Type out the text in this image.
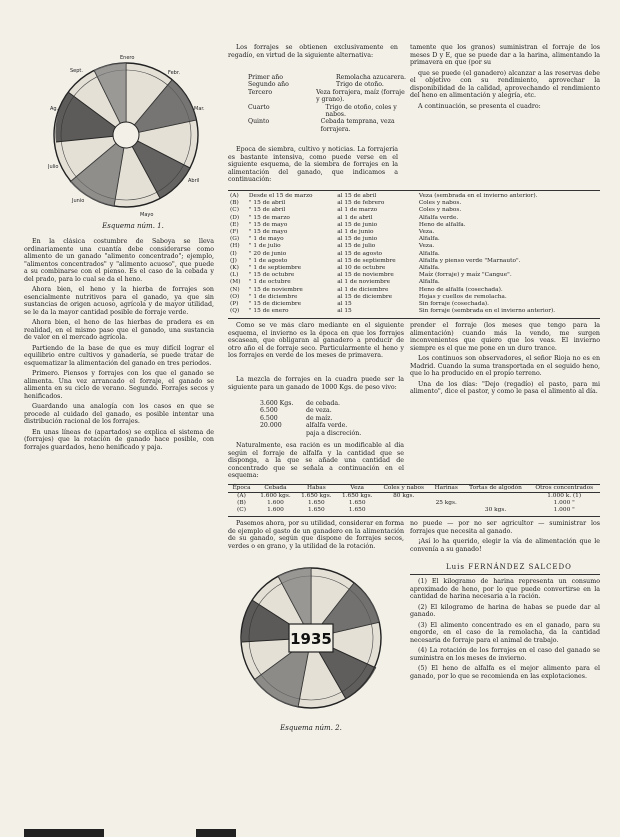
Enero
Febr.
Mar.
Abril
Mayo
Junio
Julio
Ag.
Sept.
Esquema núm. 1.

En la clásica costumbre de Saboya se lleva ordinariamente una cuantía debe considerarse como alimento de un ganado "alimento concentrado"; ejemplo, "alimentos concentrados" y "alimento acuoso", que puede a su combinarse con el pienso. Es el caso de la cebada y del prado, para lo cual se da el heno.

Ahora bien, el heno y la hierba de forrajes son esencialmente nutritivos para el ganado, ya que sin sustancias de origen acuoso, agrícola y de mayor utilidad, se le da la mayor cantidad posible de forraje verde.

Ahora bien, el heno de las hierbas de pradera es en realidad, en el mismo paso que el ganado, una sustancia de valor en el mercado agrícola.

Partiendo de la base de que es muy difícil lograr el equilibrio entre cultivos y ganadería, se puede tratar de esquematizar la alimentación del ganado en tres periodos.

Primero. Piensos y forrajes con los que el ganado se alimenta. Una vez arrancado el forraje, el ganado se alimenta en su ciclo de verano. Segundo. Forrajes secos y henificados.

Guardando una analogía con los casos en que se procede al cuidado del ganado, es posible intentar una distribución racional de los forrajes.

En unas líneas de (apartados) se explica el sistema de (forrajes) que la rotación de ganado hace posible, con forrajes guardados, heno henificado y paja.

Los forrajes se obtienen exclusivamente en regadío, en virtud de la siguiente alternativa:

Primer año	Remolacha azucarera.
Segundo año	Trigo de otoño.
Tercero	Veza forrajera, maíz (forraje y grano).
Cuarto	Trigo de otoño, coles y nabos.
Quinto	Cebada temprana, veza forrajera.

Época de siembra, cultivo y noticias. La forrajería es bastante intensiva, como puede verse en el siguiente esquema, de la siembra de forrajes en la alimentación del ganado, que indicamos a continuación:

tamente que los granos) suministran el forraje de los meses D y E, que se puede dar a la harina, alimentando la primavera en que (por su

que se puede (el ganadero) alcanzar a las reservas debe el objetivo con su rendimiento, aprovechar la disponibilidad de la calidad, aprovechando el rendimiento del heno en alimentación y alegría, etc.

A continuación, se presenta el cuadro:

(A)	Desde el 15 de marzo	al 15 de abril	Veza (sembrada en el invierno anterior).
(B)	" 15 de abril	al 15 de febrero	Coles y nabos.
(C)	" 15 de abril	al 1 de marzo	Coles y nabos.
(D)	" 15 de marzo	al 1 de abril	Alfalfa verde.
(E)	" 15 de mayo	al 15 de junio	Heno de alfalfa.
(F)	" 15 de mayo	al 1 de junio	Veza.
(G)	" 1 de mayo	al 15 de junio	Alfalfa.
(H)	" 1 de julio	al 15 de julio	Veza.
(I)	" 20 de junio	al 15 de agosto	Alfalfa.
(J)	" 1 de agosto	al 15 de septiembre	Alfalfa y pienso verde "Marnauto".
(K)	" 1 de septiembre	al 10 de octubre	Alfalfa.
(L)	" 15 de octubre	al 15 de noviembre	Maíz (forraje) y maíz "Cangue".
(M)	" 1 de octubre	al 1 de noviembre	Alfalfa.
(N)	" 15 de noviembre	al 1 de diciembre	Heno de alfalfa (cosechada).
(O)	" 1 de diciembre	al 15 de diciembre	Hojas y cuellos de remolacha.
(P)	" 15 de diciembre	al 15	Sin forraje (cosechada).
(Q)	" 15 de enero	al 15	Sin forraje (sembrada en el invierno anterior).

Como se ve más claro mediante en el siguiente esquema, el invierno es la época en que los forrajes escasean, que obligaran al ganadero a producir de otro año el de forraje seco. Particularmente el heno y los forrajes en verde de los meses de primavera.

La mezcla de forrajes en la cuadra puede ser la siguiente para un ganado de 1000 Kgs. de peso vivo:

3.600 Kgs.	de cebada.
6.500	de veza.
6.500	de maíz.
20.000	alfalfa verde.
paja a discreción.

Naturalmente, esa ración es un modificable al día según el forraje de alfalfa y la cantidad que se disponga, a la que se añade una cantidad de concentrado que se señala a continuación en el esquema:

prender el forraje (los meses que tengo para la alimentación) cuando más la vendo, me surgen inconvenientes que quiero que los veas. El invierno siempre es el que me pone en un duro trance.

Los continuos son observadores, el señor Rioja no es en Madrid. Cuando la suma transportada en el seguido heno, que lo ha producido en el propio terreno.

Una de los días: "Dejo (regadío) el pasto, para mi alimento", dice el pastor, y como le pasa el alimento al día.

Época	Cebada	Habas	Veza	Coles y nabos	Harinas	Tortas de algodón	Otros concentrados
(A)	1.600 kgs.	1.650 kgs.	1.650 kgs.	80 kgs.			1.000 k. (1)
(B)	1.600	1.650	1.650		25 kgs.		1.000 "
(C)	1.600	1.650	1.650			30 kgs.	1.000 "

Pasemos ahora, por su utilidad, considerar en forma de ejemplo el gasto de un ganadero en la alimentación de su ganado, según que dispone de forrajes secos, verdes o en grano, y la utilidad de la rotación.

1935
Esquema núm. 2.

no puede — por no ser agricultor — suministrar los forrajes que necesita al ganado.

¡Así lo ha querido, elegir la vía de alimentación que le convenía a su ganado!

Luis FERNÁNDEZ SALCEDO

(1) El kilogramo de harina representa un consumo aproximado de heno, por lo que puede convertirse en la cantidad de harina necesaria a la ración.

(2) El kilogramo de harina de habas se puede dar al ganado.

(3) El alimento concentrado es en el ganado, para su engorde, en el caso de la remolacha, da la cantidad necesaria de forraje para el animal de trabajo.

(4) La rotación de los forrajes en el caso del ganado se suministra en los meses de invierno.

(5) El heno de alfalfa es el mejor alimento para el ganado, por lo que se recomienda en las explotaciones.
